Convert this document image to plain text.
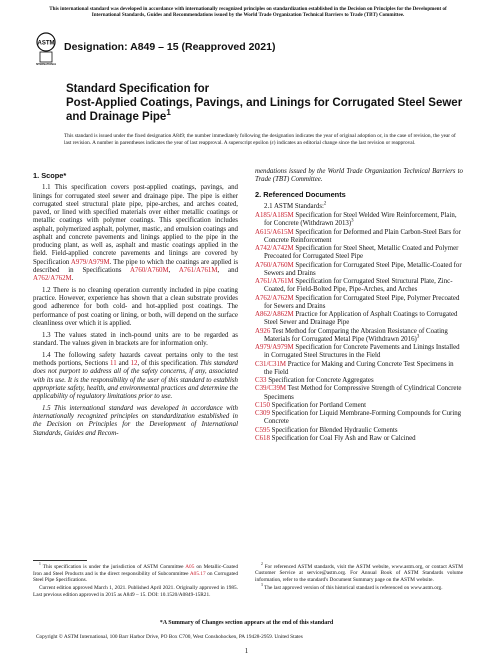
This international standard was developed in accordance with internationally recognized principles on standardization established in the Decision on Principles for the Development of International Standards, Guides and Recommendations issued by the World Trade Organization Technical Barriers to Trade (TBT) Committee.
ASTM
INTERNATIONAL
Designation: A849 – 15 (Reapproved 2021)
Standard Specification for
Post-Applied Coatings, Pavings, and Linings for Corrugated Steel Sewer and Drainage Pipe$^1$
This standard is issued under the fixed designation A849; the number immediately following the designation indicates the year of original adoption or, in the case of revision, the year of last revision. A number in parentheses indicates the year of last reapproval. A superscript epsilon (ε) indicates an editorial change since the last revision or reapproval.
1. Scope*

1.1 This specification covers post-applied coatings, pavings, and linings for corrugated steel sewer and drainage pipe. The pipe is either corrugated steel structural plate pipe, pipe-arches, and arches coated, paved, or lined with specified materials over either metallic coatings or metallic coatings with polymer coatings. This specification includes asphalt, polymerized asphalt, polymer, mastic, and emulsion coatings and asphalt and concrete pavements and linings applied to the pipe in the producing plant, as well as, asphalt and mastic coatings applied in the field. Field-applied concrete pavements and linings are covered by Specification A979/A979M. The pipe to which the coatings are applied is described in Specifications A760/A760M, A761/A761M, and A762/A762M.

1.2 There is no cleaning operation currently included in pipe coating practice. However, experience has shown that a clean substrate provides good adherence for both cold- and hot-applied post coatings. The performance of post coating or lining, or both, will depend on the surface cleanliness over which it is applied.

1.3 The values stated in inch-pound units are to be regarded as standard. The values given in brackets are for information only.

1.4 The following safety hazards caveat pertains only to the test methods portions, Sections 11 and 12, of this specification. This standard does not purport to address all of the safety concerns, if any, associated with its use. It is the responsibility of the user of this standard to establish appropriate safety, health, and environmental practices and determine the applicability of regulatory limitations prior to use.

1.5 This international standard was developed in accordance with internationally recognized principles on standardization established in the Decision on Principles for the Development of International Standards, Guides and Recom-

mendations issued by the World Trade Organization Technical Barriers to Trade (TBT) Committee.

2. Referenced Documents

2.1 ASTM Standards:$^2$

A185/A185M Specification for Steel Welded Wire Reinforcement, Plain, for Concrete (Withdrawn 2013)$^3$
A615/A615M Specification for Deformed and Plain Carbon-Steel Bars for Concrete Reinforcement
A742/A742M Specification for Steel Sheet, Metallic Coated and Polymer Precoated for Corrugated Steel Pipe
A760/A760M Specification for Corrugated Steel Pipe, Metallic-Coated for Sewers and Drains
A761/A761M Specification for Corrugated Steel Structural Plate, Zinc-Coated, for Field-Bolted Pipe, Pipe-Arches, and Arches
A762/A762M Specification for Corrugated Steel Pipe, Polymer Precoated for Sewers and Drains
A862/A862M Practice for Application of Asphalt Coatings to Corrugated Steel Sewer and Drainage Pipe
A926 Test Method for Comparing the Abrasion Resistance of Coating Materials for Corrugated Metal Pipe (Withdrawn 2016)$^3$
A979/A979M Specification for Concrete Pavements and Linings Installed in Corrugated Steel Structures in the Field
C31/C31M Practice for Making and Curing Concrete Test Specimens in the Field
C33 Specification for Concrete Aggregates
C39/C39M Test Method for Compressive Strength of Cylindrical Concrete Specimens
C150 Specification for Portland Cement
C309 Specification for Liquid Membrane-Forming Compounds for Curing Concrete
C595 Specification for Blended Hydraulic Cements
C618 Specification for Coal Fly Ash and Raw or Calcined

$^1$ This specification is under the jurisdiction of ASTM Committee A05 on Metallic-Coated Iron and Steel Products and is the direct responsibility of Subcommittee A05.17 on Corrugated Steel Pipe Specifications.

Current edition approved March 1, 2021. Published April 2021. Originally approved in 1985. Last previous edition approved in 2015 as A849 – 15. DOI: 10.1520/A0849-15R21.

$^2$ For referenced ASTM standards, visit the ASTM website, www.astm.org, or contact ASTM Customer Service at service@astm.org. For Annual Book of ASTM Standards volume information, refer to the standard's Document Summary page on the ASTM website.

$^3$ The last approved version of this historical standard is referenced on www.astm.org.

*A Summary of Changes section appears at the end of this standard
Copyright © ASTM International, 100 Barr Harbor Drive, PO Box C700, West Conshohocken, PA 19428-2959. United States
1
